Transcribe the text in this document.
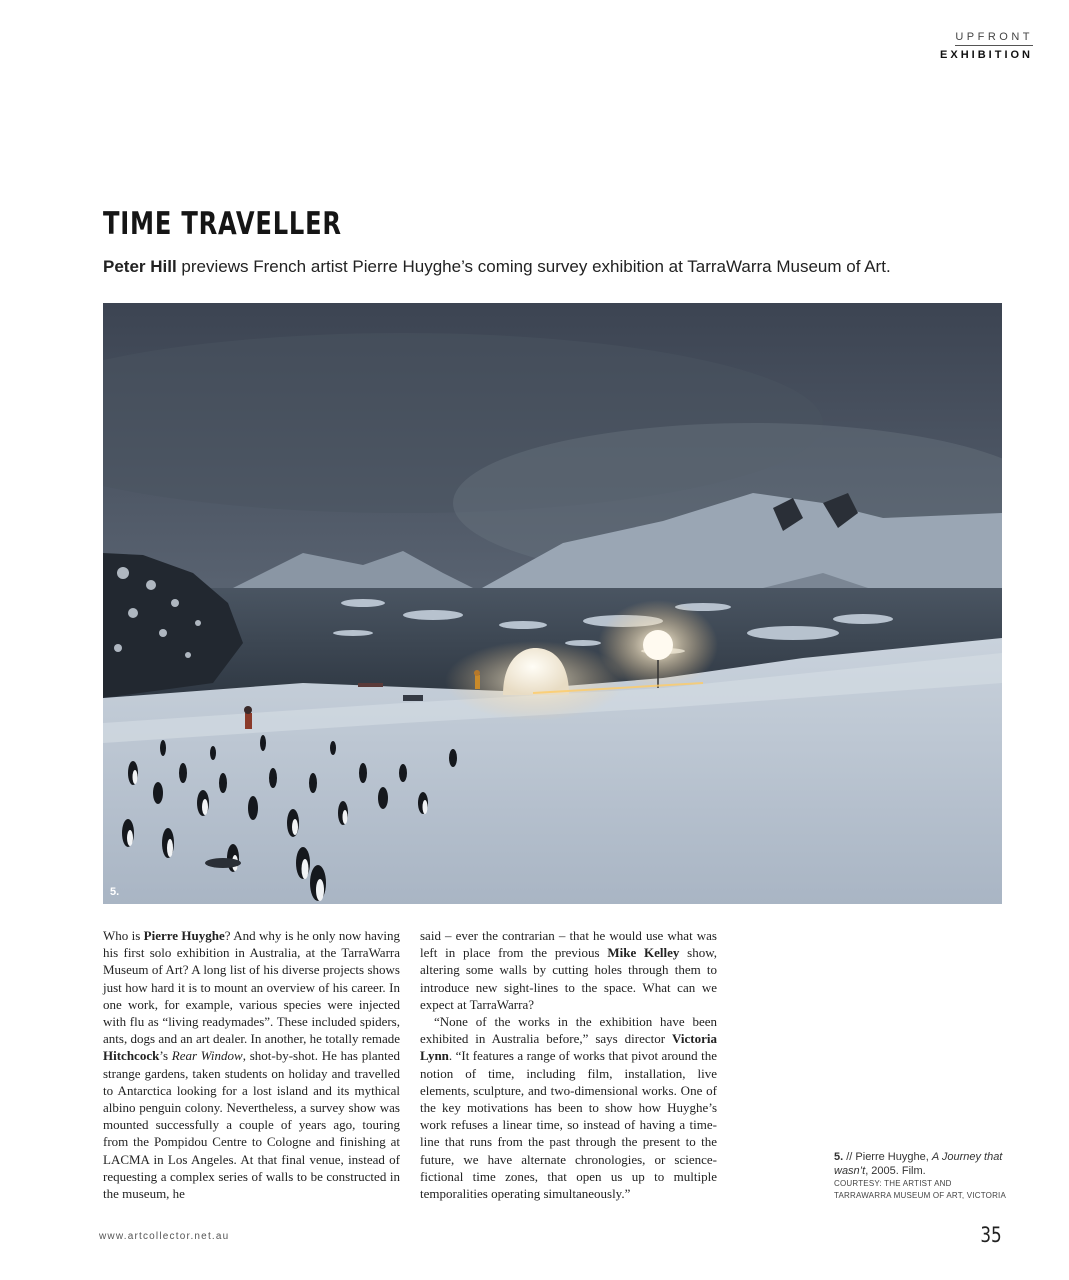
UPFRONT
EXHIBITION
TIME TRAVELLER
Peter Hill previews French artist Pierre Huyghe’s coming survey exhibition at TarraWarra Museum of Art.
5.

Who is Pierre Huyghe? And why is he only now having his first solo exhibition in Australia, at the TarraWarra Museum of Art? A long list of his diverse projects shows just how hard it is to mount an overview of his career. In one work, for example, various species were injected with flu as “living readymades”. These included spiders, ants, dogs and an art dealer. In another, he totally remade Hitchcock’s Rear Window, shot-by-shot. He has planted strange gardens, taken students on holiday and travelled to Antarctica looking for a lost island and its mythical albino penguin colony. Nevertheless, a survey show was mounted successfully a couple of years ago, touring from the Pompidou Centre to Cologne and finishing at LACMA in Los Angeles. At that final venue, instead of requesting a complex series of walls to be constructed in the museum, he

said – ever the contrarian – that he would use what was left in place from the previous Mike Kelley show, altering some walls by cutting holes through them to introduce new sight-lines to the space. What can we expect at TarraWarra?

“None of the works in the exhibition have been exhibited in Australia before,” says director Victoria Lynn. “It features a range of works that pivot around the notion of time, including film, installation, live elements, sculpture, and two-dimensional works. One of the key motivations has been to show how Huyghe’s work refuses a linear time, so instead of having a time-line that runs from the past through the present to the future, we have alternate chronologies, or science-fictional time zones, that open us up to multiple temporalities operating simultaneously.”

5. // Pierre Huyghe, A Journey that wasn’t, 2005. Film.
COURTESY: THE ARTIST AND
TARRAWARRA MUSEUM OF ART, VICTORIA
www.artcollector.net.au	35
